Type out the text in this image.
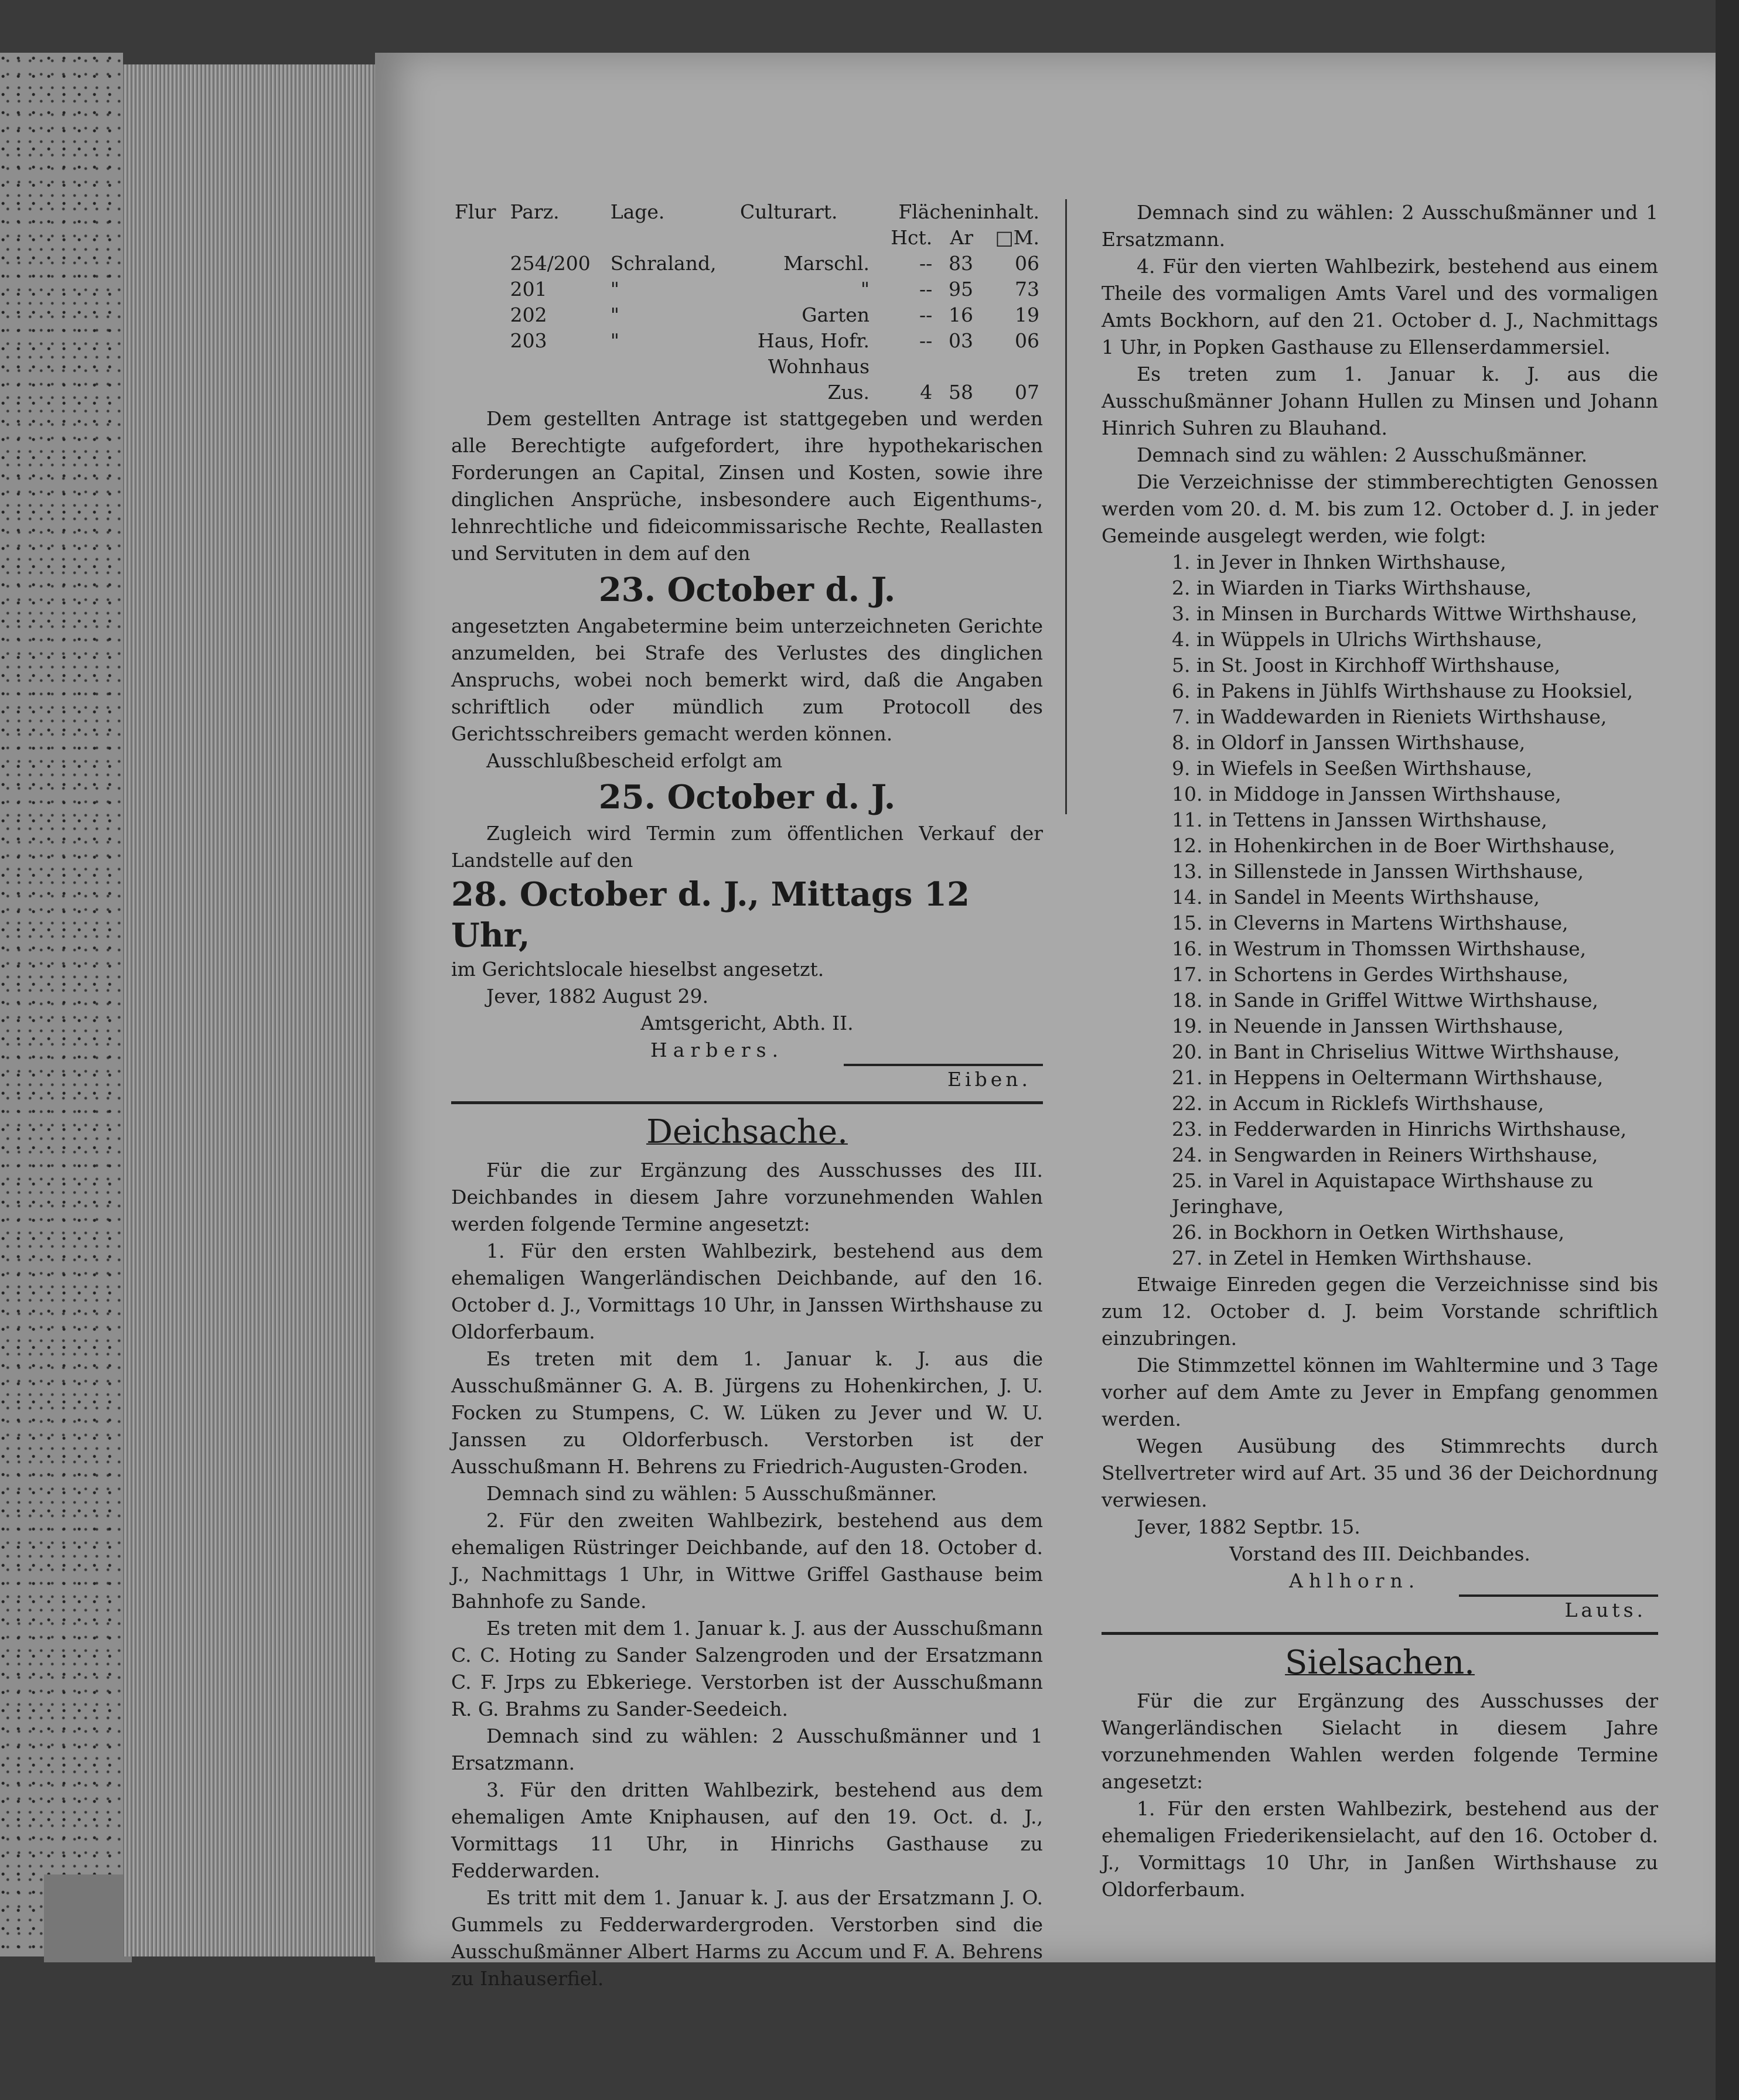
Flur	Parz.	Lage.	Culturart.	Flächeninhalt.		
				Hct.	Ar	□M.
	254/200	Schraland,	Marschl.	--	83	06
	201	"	"	--	95	73
	202	"	Garten	--	16	19
	203	"	Haus, Hofr.	--	03	06
			Wohnhaus			
			Zus.	4	58	07

Dem gestellten Antrage ist stattgegeben und werden alle Berechtigte aufgefordert, ihre hypothekarischen Forderungen an Capital, Zinsen und Kosten, sowie ihre dinglichen Ansprüche, insbesondere auch Eigenthums-, lehnrechtliche und fideicommissarische Rechte, Reallasten und Servituten in dem auf den

23. October d. J.

angesetzten Angabetermine beim unterzeichneten Gerichte anzumelden, bei Strafe des Verlustes des dinglichen Anspruchs, wobei noch bemerkt wird, daß die Angaben schriftlich oder mündlich zum Protocoll des Gerichtsschreibers gemacht werden können.

Ausschlußbescheid erfolgt am

25. October d. J.

Zugleich wird Termin zum öffentlichen Verkauf der Landstelle auf den

28. October d. J., Mittags 12 Uhr,

im Gerichtslocale hieselbst angesetzt.

Jever, 1882 August 29.

Amtsgericht, Abth. II.

Harbers.
Eiben.
Deichsache.

Für die zur Ergänzung des Ausschusses des III. Deichbandes in diesem Jahre vorzunehmenden Wahlen werden folgende Termine angesetzt:

1. Für den ersten Wahlbezirk, bestehend aus dem ehemaligen Wangerländischen Deichbande, auf den 16. October d. J., Vormittags 10 Uhr, in Janssen Wirthshause zu Oldorferbaum.

Es treten mit dem 1. Januar k. J. aus die Ausschußmänner G. A. B. Jürgens zu Hohenkirchen, J. U. Focken zu Stumpens, C. W. Lüken zu Jever und W. U. Janssen zu Oldorferbusch. Verstorben ist der Ausschußmann H. Behrens zu Friedrich-Augusten-Groden.

Demnach sind zu wählen: 5 Ausschußmänner.

2. Für den zweiten Wahlbezirk, bestehend aus dem ehemaligen Rüstringer Deichbande, auf den 18. October d. J., Nachmittags 1 Uhr, in Wittwe Griffel Gasthause beim Bahnhofe zu Sande.

Es treten mit dem 1. Januar k. J. aus der Ausschußmann C. C. Hoting zu Sander Salzengroden und der Ersatzmann C. F. Jrps zu Ebkeriege. Verstorben ist der Ausschußmann R. G. Brahms zu Sander-Seedeich.

Demnach sind zu wählen: 2 Ausschußmänner und 1 Ersatzmann.

3. Für den dritten Wahlbezirk, bestehend aus dem ehemaligen Amte Kniphausen, auf den 19. Oct. d. J., Vormittags 11 Uhr, in Hinrichs Gasthause zu Fedderwarden.

Es tritt mit dem 1. Januar k. J. aus der Ersatzmann J. O. Gummels zu Fedderwardergroden. Verstorben sind die Ausschußmänner Albert Harms zu Accum und F. A. Behrens zu Inhauserfiel.

Demnach sind zu wählen: 2 Ausschußmänner und 1 Ersatzmann.

4. Für den vierten Wahlbezirk, bestehend aus einem Theile des vormaligen Amts Varel und des vormaligen Amts Bockhorn, auf den 21. October d. J., Nachmittags 1 Uhr, in Popken Gasthause zu Ellenserdammersiel.

Es treten zum 1. Januar k. J. aus die Ausschußmänner Johann Hullen zu Minsen und Johann Hinrich Suhren zu Blauhand.

Demnach sind zu wählen: 2 Ausschußmänner.

Die Verzeichnisse der stimmberechtigten Genossen werden vom 20. d. M. bis zum 12. October d. J. in jeder Gemeinde ausgelegt werden, wie folgt:

1. in Jever in Ihnken Wirthshause,
2. in Wiarden in Tiarks Wirthshause,
3. in Minsen in Burchards Wittwe Wirthshause,
4. in Wüppels in Ulrichs Wirthshause,
5. in St. Joost in Kirchhoff Wirthshause,
6. in Pakens in Jühlfs Wirthshause zu Hooksiel,
7. in Waddewarden in Rieniets Wirthshause,
8. in Oldorf in Janssen Wirthshause,
9. in Wiefels in Seeßen Wirthshause,
10. in Middoge in Janssen Wirthshause,
11. in Tettens in Janssen Wirthshause,
12. in Hohenkirchen in de Boer Wirthshause,
13. in Sillenstede in Janssen Wirthshause,
14. in Sandel in Meents Wirthshause,
15. in Cleverns in Martens Wirthshause,
16. in Westrum in Thomssen Wirthshause,
17. in Schortens in Gerdes Wirthshause,
18. in Sande in Griffel Wittwe Wirthshause,
19. in Neuende in Janssen Wirthshause,
20. in Bant in Chriselius Wittwe Wirthshause,
21. in Heppens in Oeltermann Wirthshause,
22. in Accum in Ricklefs Wirthshause,
23. in Fedderwarden in Hinrichs Wirthshause,
24. in Sengwarden in Reiners Wirthshause,
25. in Varel in Aquistapace Wirthshause zu Jeringhave,
26. in Bockhorn in Oetken Wirthshause,
27. in Zetel in Hemken Wirthshause.

Etwaige Einreden gegen die Verzeichnisse sind bis zum 12. October d. J. beim Vorstande schriftlich einzubringen.

Die Stimmzettel können im Wahltermine und 3 Tage vorher auf dem Amte zu Jever in Empfang genommen werden.

Wegen Ausübung des Stimmrechts durch Stellvertreter wird auf Art. 35 und 36 der Deichordnung verwiesen.

Jever, 1882 Septbr. 15.

Vorstand des III. Deichbandes.

Ahlhorn.
Lauts.
Sielsachen.

Für die zur Ergänzung des Ausschusses der Wangerländischen Sielacht in diesem Jahre vorzunehmenden Wahlen werden folgende Termine angesetzt:

1. Für den ersten Wahlbezirk, bestehend aus der ehemaligen Friederikensielacht, auf den 16. October d. J., Vormittags 10 Uhr, in Janßen Wirthshause zu Oldorferbaum.
